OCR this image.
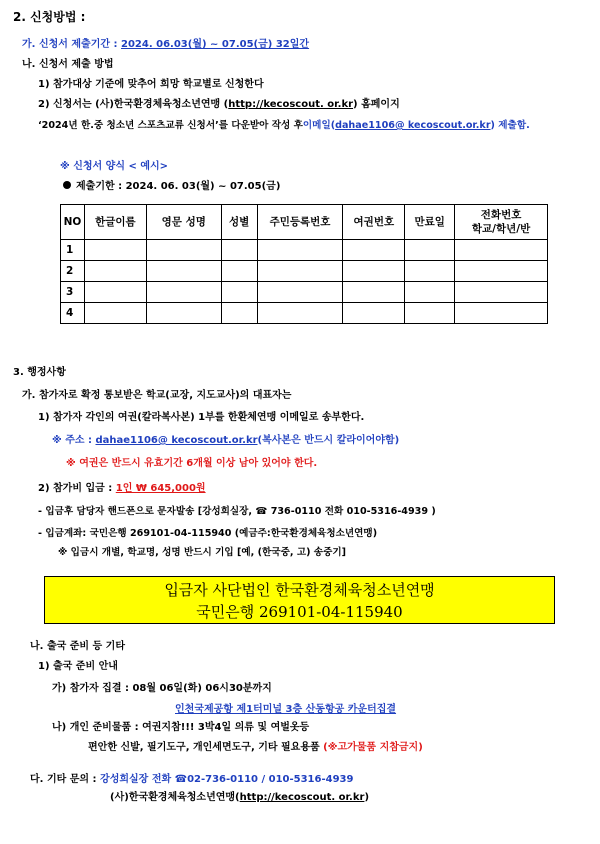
2. 신청방법 :
가. 신청서 제출기간 : 2024. 06.03(월) ~ 07.05(금) 32일간
나. 신청서 제출 방법
1) 참가대상 기준에 맞추어 희망 학교별로 신청한다
2) 신청서는 (사)한국환경체육청소년연맹 (http://kecoscout. or.kr) 홈페이지
‘2024년 한.중 청소년 스포츠교류 신청서’를 다운받아 작성 후이메일(dahae1106@ kecoscout.or.kr) 제출함.
※ 신청서 양식 < 예시>
제출기한 : 2024. 06. 03(월) ~ 07.05(금)
NO	한글이름	영문 성명	성별	주민등록번호	여권번호	만료일	전화번호
학교/학년/반
1							
2							
3							
4							
3. 행정사항
가. 참가자로 확정 통보받은 학교(교장, 지도교사)의 대표자는
1) 참가자 각인의 여권(칼라복사본) 1부를 한환체연맹 이메일로 송부한다.
※ 주소 : dahae1106@ kecoscout.or.kr(복사본은 반드시 칼라이어야함)
※ 여권은 반드시 유효기간 6개월 이상 남아 있어야 한다.
2) 참가비 입금 : 1인 ₩ 645,000원
- 입금후 담당자 핸드폰으로 문자발송 [강성희실장, ☎ 736-0110 전화 010-5316-4939 )
- 입금계좌: 국민은행 269101-04-115940 (예금주:한국환경체육청소년연맹)
※ 입금시 개별, 학교명, 성명 반드시 기입 [예, (한국중, 고) 송중기]
입금자 사단법인 한국환경체육청소년연맹
국민은행 269101-04-115940
나. 출국 준비 등 기타
1) 출국 준비 안내
가) 참가자 집결 : 08월 06일(화) 06시30분까지
인천국제공항 제1터미널 3층 산동항공 카운터집결
나) 개인 준비물품 : 여권지참!!! 3박4일 의류 및 여벌옷등
편안한 신발, 필기도구, 개인세면도구, 기타 필요용품 (※고가물품 지참금지)
다. 기타 문의 : 강성희실장 전화 ☎02-736-0110 / 010-5316-4939
(사)한국환경체육청소년연맹(http://kecoscout. or.kr)
